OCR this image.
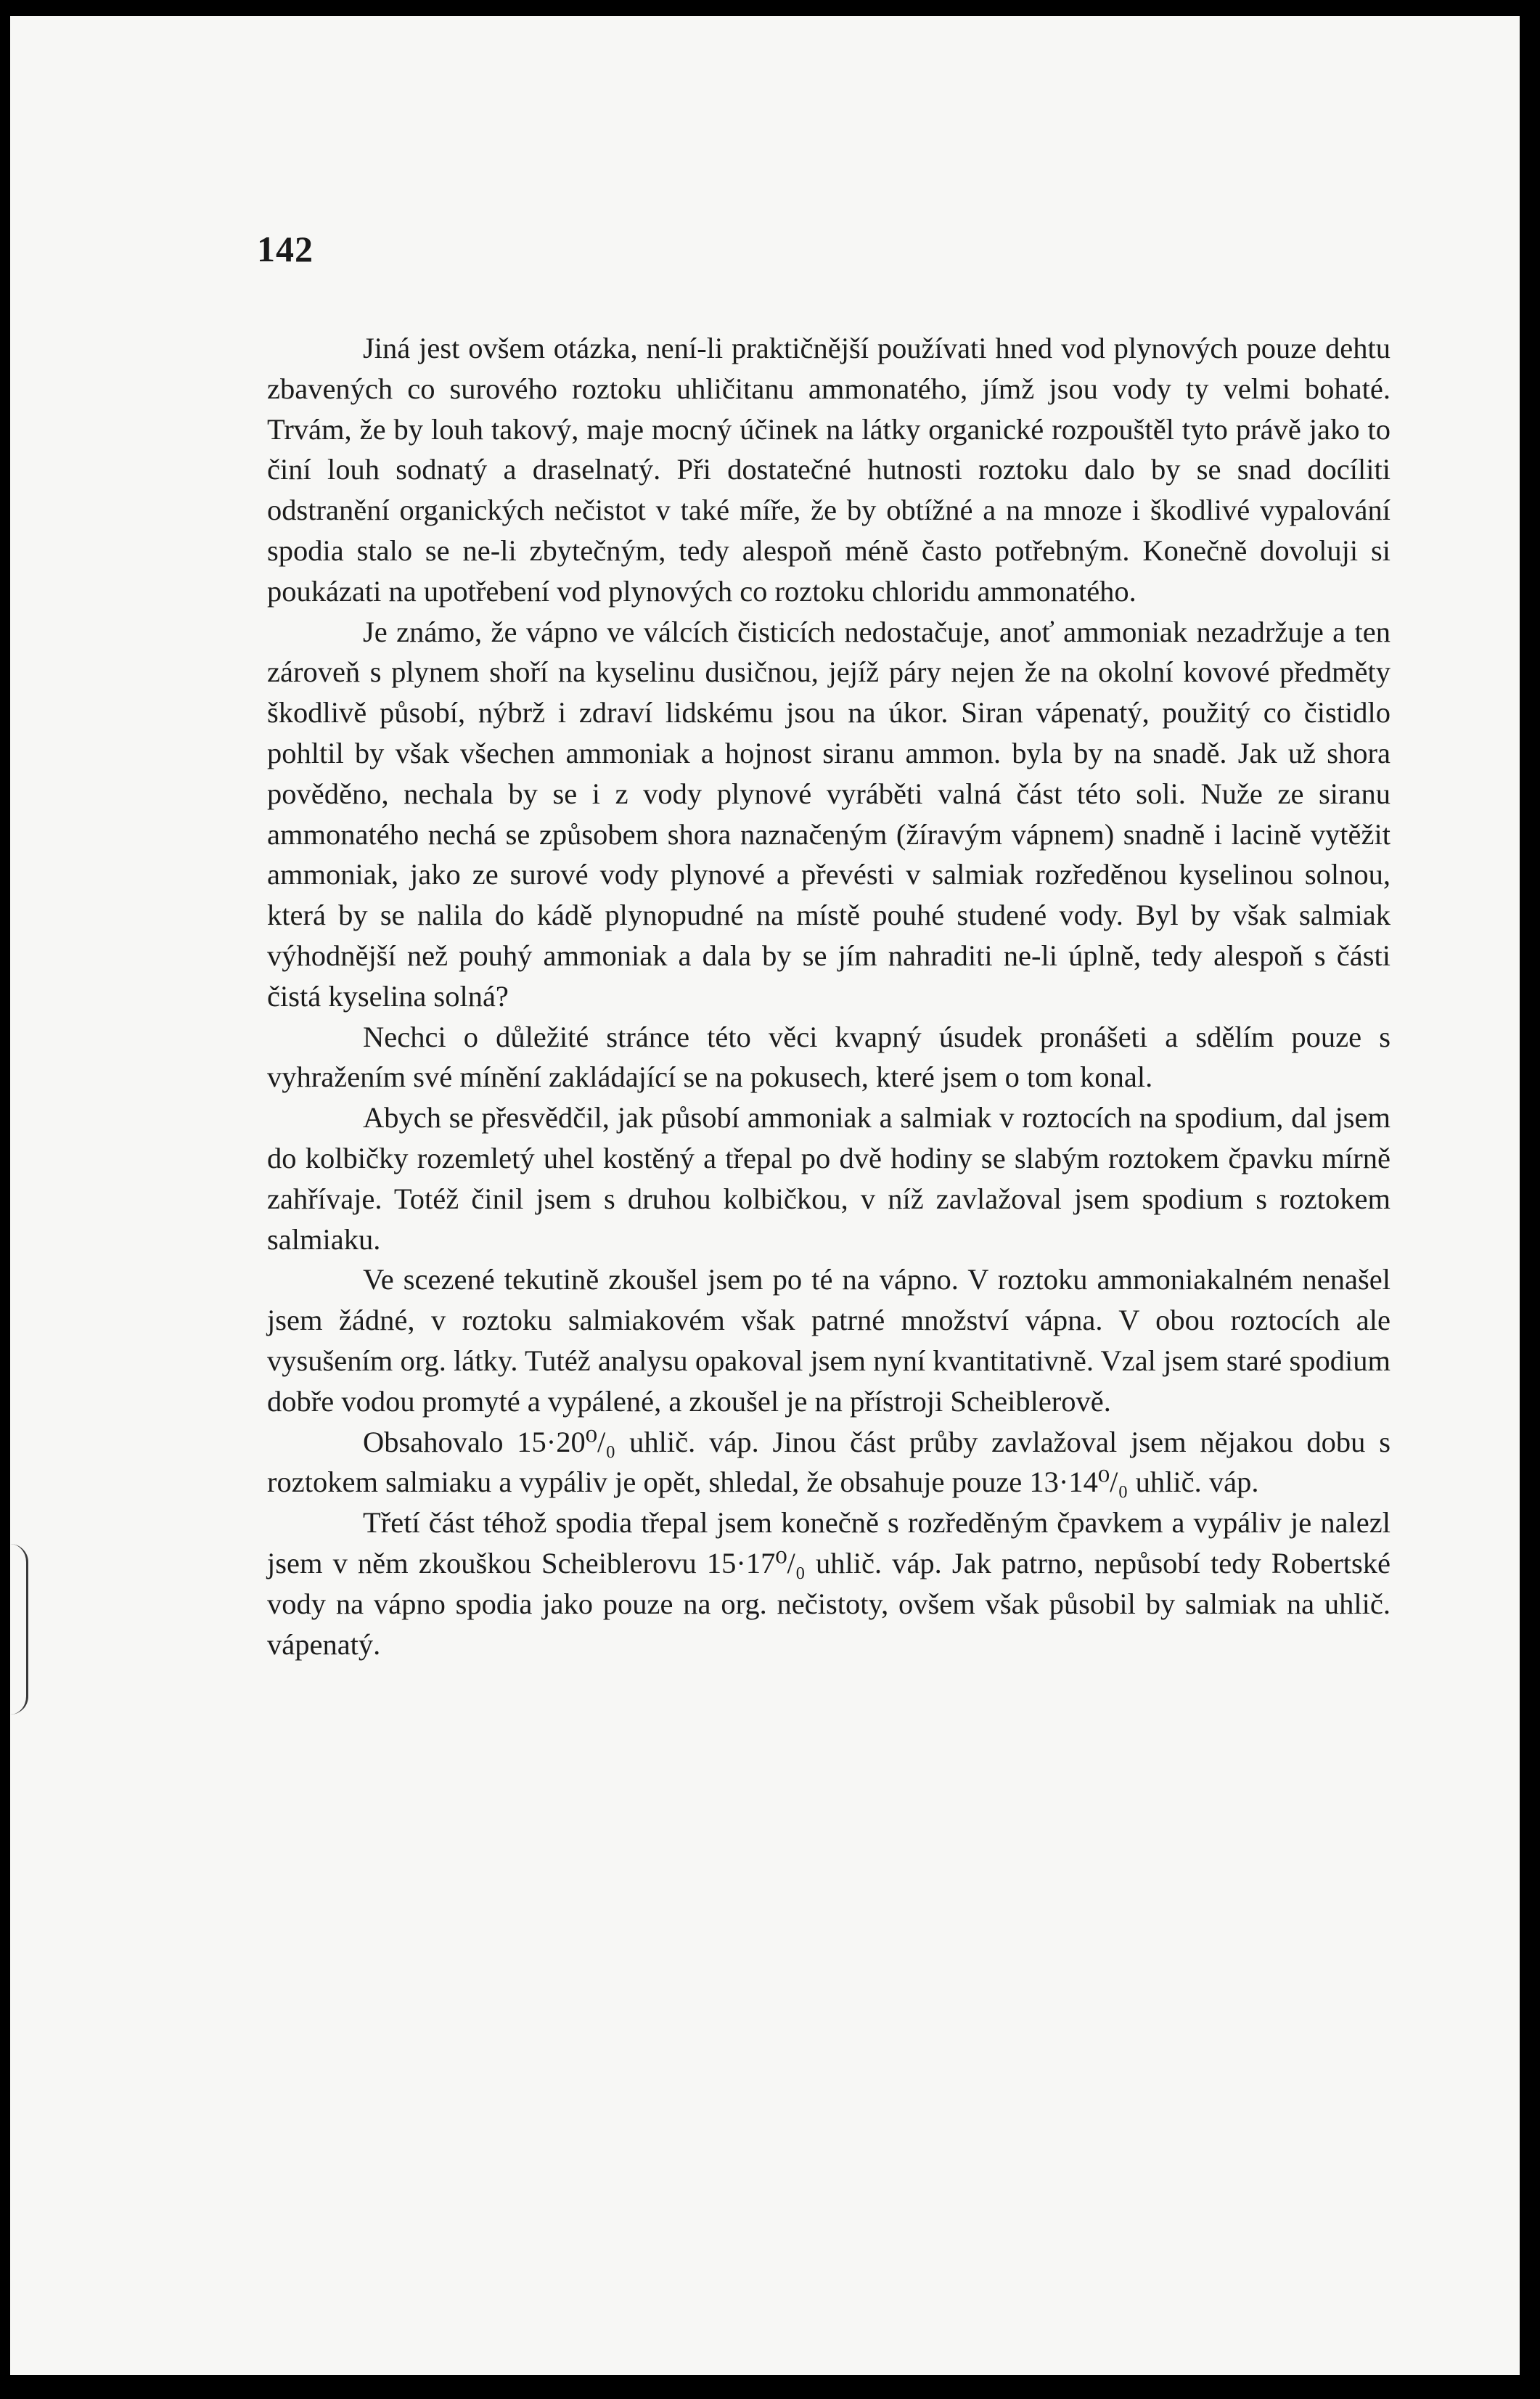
142

Jiná jest ovšem otázka, není-li praktičnější používati hned vod plynových pouze dehtu zbavených co surového roztoku uhličitanu ammonatého, jímž jsou vody ty velmi bohaté. Trvám, že by louh takový, maje mocný účinek na látky organické rozpouštěl tyto právě jako to činí louh sodnatý a draselnatý. Při dostatečné hutnosti roztoku dalo by se snad docíliti odstranění organických nečistot v také míře, že by obtížné a na mnoze i škodlivé vypalování spodia stalo se ne-li zbytečným, tedy alespoň méně často potřebným. Konečně dovoluji si poukázati na upotřebení vod plynových co roztoku chloridu ammonatého.

Je známo, že vápno ve válcích čisticích nedostačuje, anoť ammoniak nezadržuje a ten zároveň s plynem shoří na kyselinu dusičnou, jejíž páry nejen že na okolní kovové předměty škodlivě působí, nýbrž i zdraví lidskému jsou na úkor. Siran vápenatý, použitý co čistidlo pohltil by však všechen ammoniak a hojnost siranu ammon. byla by na snadě. Jak už shora pověděno, nechala by se i z vody plynové vyráběti valná část této soli. Nuže ze siranu ammonatého nechá se způsobem shora naznačeným (žíravým vápnem) snadně i lacině vytěžit ammoniak, jako ze surové vody plynové a převésti v salmiak rozředěnou kyselinou solnou, která by se nalila do kádě plynopudné na místě pouhé studené vody. Byl by však salmiak výhodnější než pouhý ammoniak a dala by se jím nahraditi ne-li úplně, tedy alespoň s části čistá kyselina solná?

Nechci o důležité stránce této věci kvapný úsudek pronášeti a sdělím pouze s vyhražením své mínění zakládající se na pokusech, které jsem o tom konal.

Abych se přesvědčil, jak působí ammoniak a salmiak v roztocích na spodium, dal jsem do kolbičky rozemletý uhel kostěný a třepal po dvě hodiny se slabým roztokem čpavku mírně zahřívaje. Totéž činil jsem s druhou kolbičkou, v níž zavlažoval jsem spodium s roztokem salmiaku.

Ve scezené tekutině zkoušel jsem po té na vápno. V roztoku ammoniakalném nenašel jsem žádné, v roztoku salmiakovém však patrné množství vápna. V obou roztocích ale vysušením org. látky. Tutéž analysu opakoval jsem nyní kvantitativně. Vzal jsem staré spodium dobře vodou promyté a vypálené, a zkoušel je na přístroji Scheiblerově.

Obsahovalo 15·20⁰/₀ uhlič. váp. Jinou část průby zavlažoval jsem nějakou dobu s roztokem salmiaku a vypáliv je opět, shledal, že obsahuje pouze 13·14⁰/₀ uhlič. váp.

Třetí část téhož spodia třepal jsem konečně s rozředěným čpavkem a vypáliv je nalezl jsem v něm zkouškou Scheiblerovu 15·17⁰/₀ uhlič. váp. Jak patrno, nepůsobí tedy Robertské vody na vápno spodia jako pouze na org. nečistoty, ovšem však působil by salmiak na uhlič. vápenatý.
